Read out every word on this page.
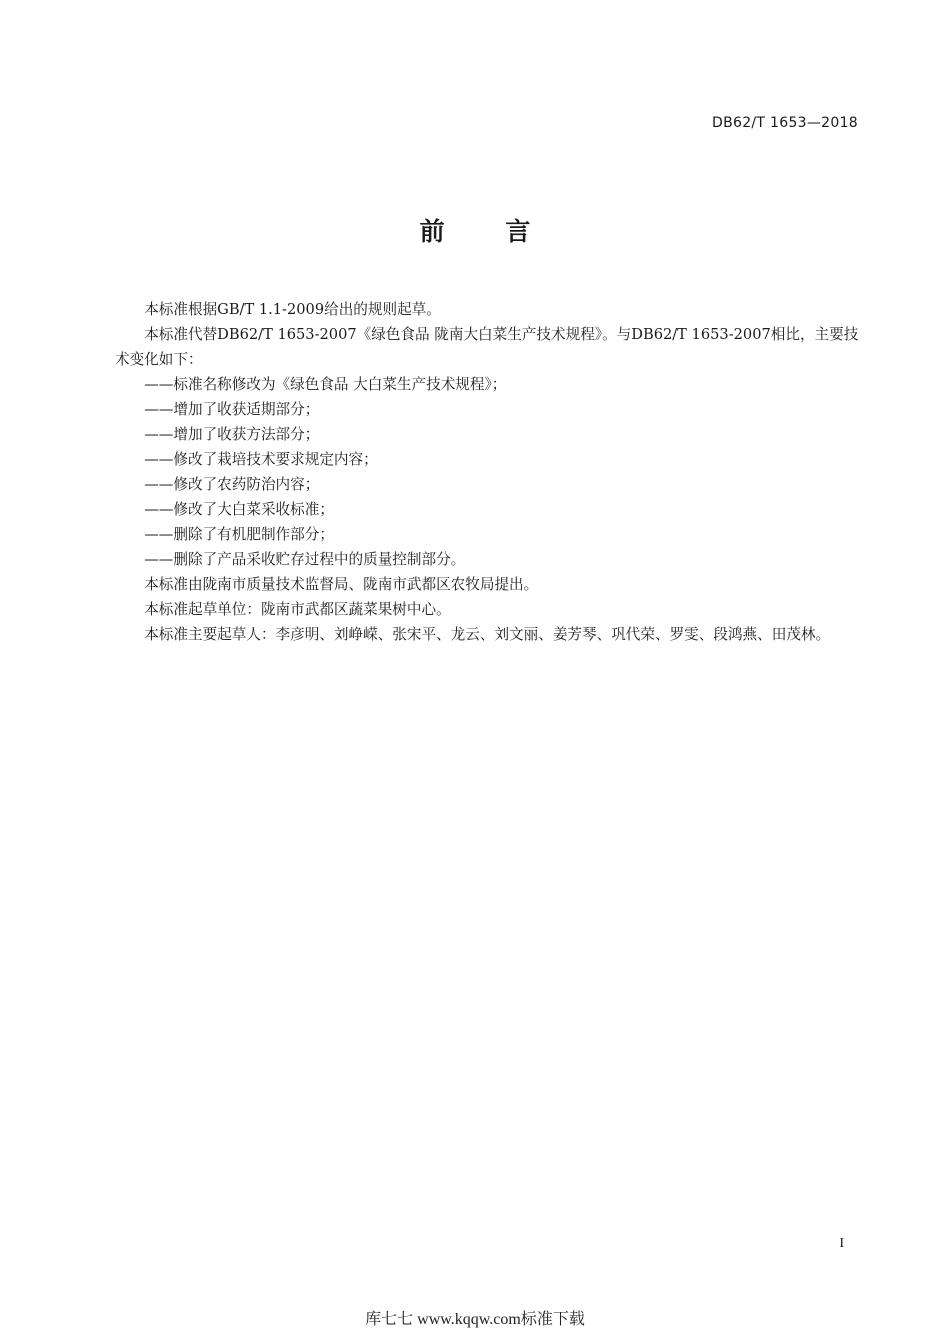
DB62/T 1653—2018
前 言

本标准根据GB/T 1.1-2009给出的规则起草。

本标准代替DB62/T 1653-2007《绿色食品 陇南大白菜生产技术规程》。与DB62/T 1653-2007相比，主要技术变化如下：

——标准名称修改为《绿色食品 大白菜生产技术规程》；

——增加了收获适期部分；

——增加了收获方法部分；

——修改了栽培技术要求规定内容；

——修改了农药防治内容；

——修改了大白菜采收标准；

——删除了有机肥制作部分；

——删除了产品采收贮存过程中的质量控制部分。

本标准由陇南市质量技术监督局、陇南市武都区农牧局提出。

本标准起草单位：陇南市武都区蔬菜果树中心。

本标准主要起草人：李彦明、刘峥嵘、张宋平、龙云、刘文丽、姜芳琴、巩代荣、罗雯、段鸿燕、田茂林。

I
库七七 www.kqqw.com标准下载
